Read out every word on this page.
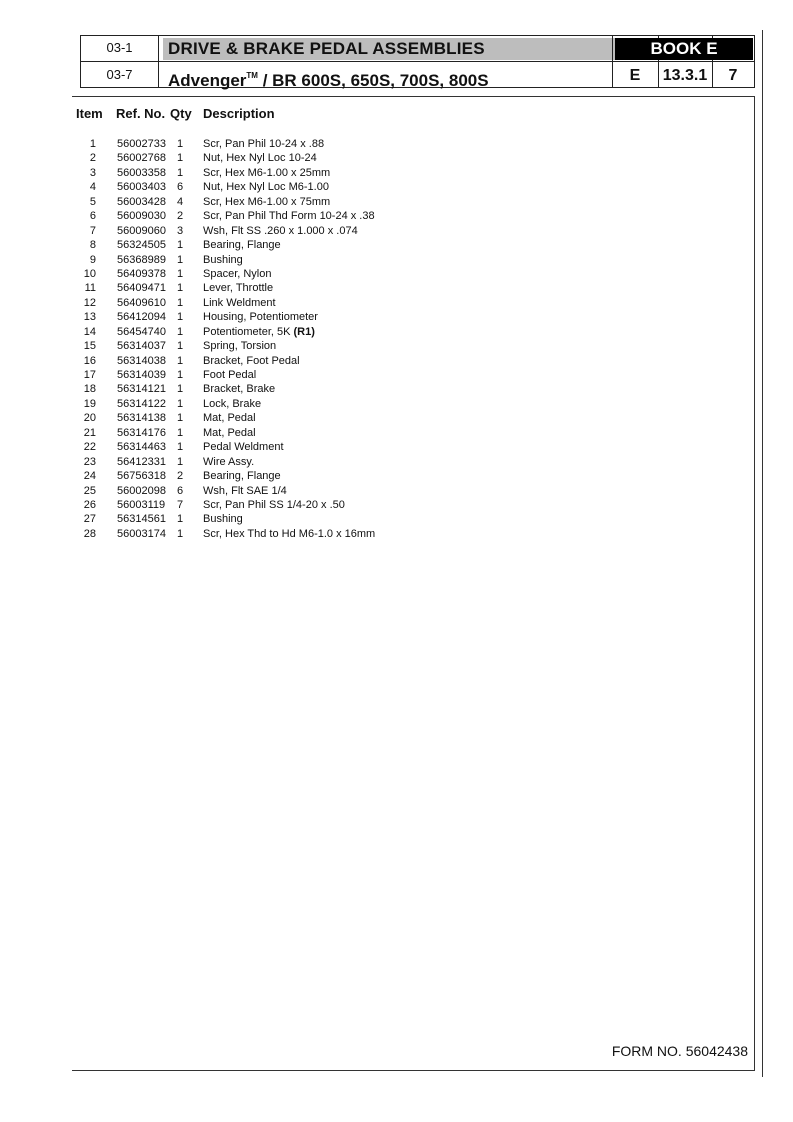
03-1
03-7
DRIVE & BRAKE PEDAL ASSEMBLIES
Advenger™ / BR 600S, 650S, 700S, 800S
BOOK E
E	13.3.1	7
Item Ref. No. Qty Description
1 56002733 1 Scr, Pan Phil 10-24 x .88
2 56002768 1 Nut, Hex Nyl Loc 10-24
3 56003358 1 Scr, Hex M6-1.00 x 25mm
4 56003403 6 Nut, Hex Nyl Loc M6-1.00
5 56003428 4 Scr, Hex M6-1.00 x 75mm
6 56009030 2 Scr, Pan Phil Thd Form 10-24 x .38
7 56009060 3 Wsh, Flt SS .260 x 1.000 x .074
8 56324505 1 Bearing, Flange
9 56368989 1 Bushing
10 56409378 1 Spacer, Nylon
11 56409471 1 Lever, Throttle
12 56409610 1 Link Weldment
13 56412094 1 Housing, Potentiometer
14 56454740 1 Potentiometer, 5K (R1)
15 56314037 1 Spring, Torsion
16 56314038 1 Bracket, Foot Pedal
17 56314039 1 Foot Pedal
18 56314121 1 Bracket, Brake
19 56314122 1 Lock, Brake
20 56314138 1 Mat, Pedal
21 56314176 1 Mat, Pedal
22 56314463 1 Pedal Weldment
23 56412331 1 Wire Assy.
24 56756318 2 Bearing, Flange
25 56002098 6 Wsh, Flt SAE 1/4
26 56003119 7 Scr, Pan Phil SS 1/4-20 x .50
27 56314561 1 Bushing
28 56003174 1 Scr, Hex Thd to Hd M6-1.0 x 16mm
FORM NO. 56042438
